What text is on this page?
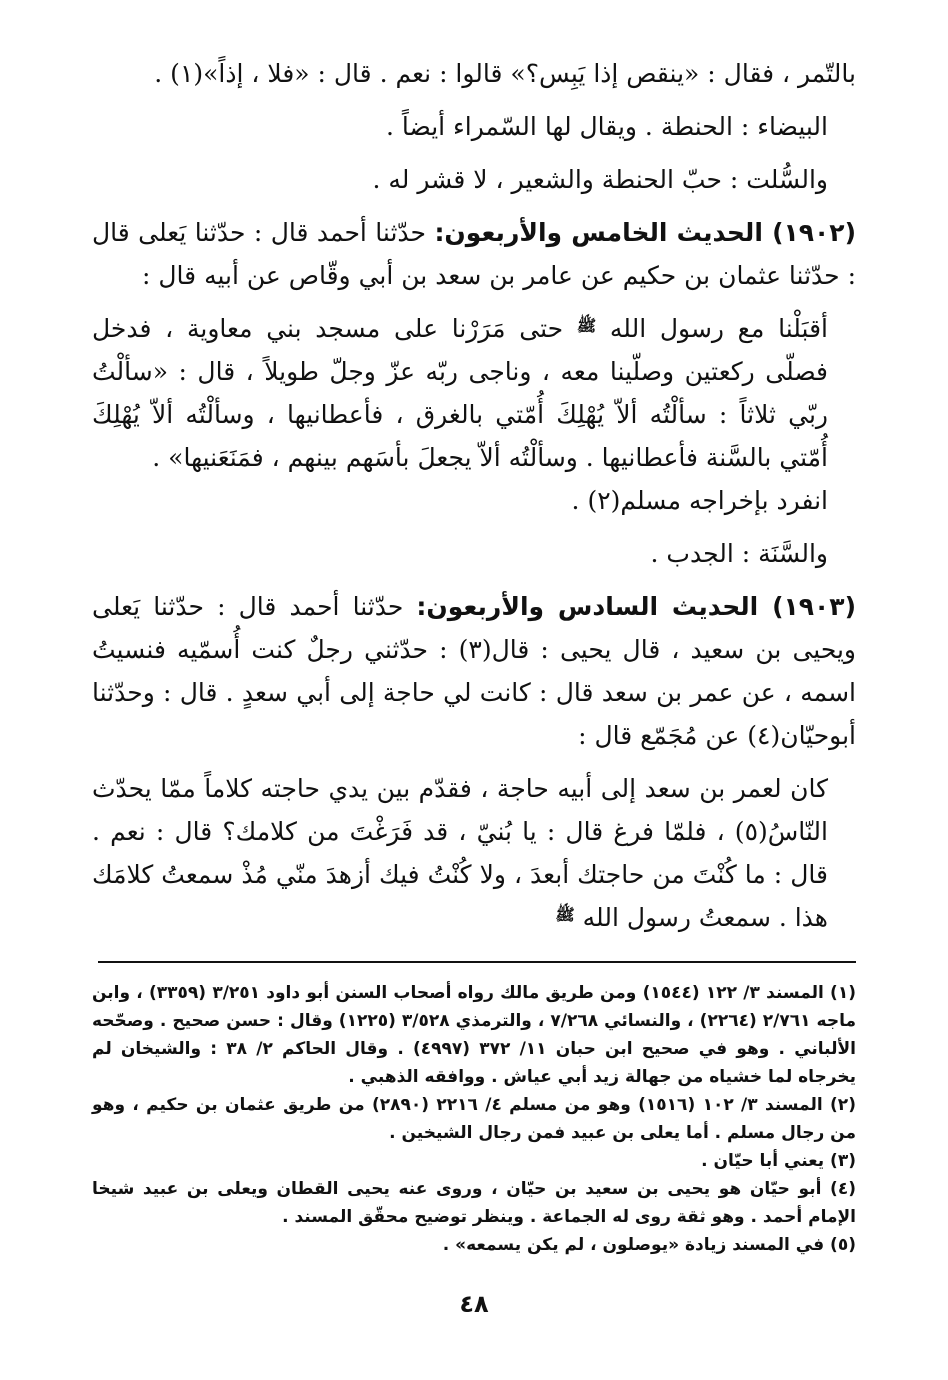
بالتّمر ، فقال : «ينقص إذا يَبِس؟» قالوا : نعم . قال : «فلا ، إذاً»(١) .

البيضاء : الحنطة . ويقال لها السّمراء أيضاً .

والسُّلت : حبّ الحنطة والشعير ، لا قشر له .

(١٩٠٢) الحديث الخامس والأربعون: حدّثنا أحمد قال : حدّثنا يَعلى قال : حدّثنا عثمان بن حكيم عن عامر بن سعد بن أبي وقّاص عن أبيه قال :

أقبَلْنا مع رسول الله ﷺ حتى مَرَرْنا على مسجد بني معاوية ، فدخل فصلّى ركعتين وصلّينا معه ، وناجى ربّه عزّ وجلّ طويلاً ، قال : «سألْتُ ربّي ثلاثاً : سألْتُه ألاّ يُهْلِكَ أُمّتي بالغرق ، فأعطانيها ، وسألْتُه ألاّ يُهْلِكَ أُمّتي بالسَّنة فأعطانيها . وسألْتُه ألاّ يجعلَ بأسَهم بينهم ، فمَنَعَنيها» .

انفرد بإخراجه مسلم(٢) .

والسَّنَة : الجدب .

(١٩٠٣) الحديث السادس والأربعون: حدّثنا أحمد قال : حدّثنا يَعلى ويحيى بن سعيد ، قال يحيى : قال(٣) : حدّثني رجلٌ كنت أُسمّيه فنسيتُ اسمه ، عن عمر بن سعد قال : كانت لي حاجة إلى أبي سعدٍ . قال : وحدّثنا أبوحيّان(٤) عن مُجَمّع قال :

كان لعمر بن سعد إلى أبيه حاجة ، فقدّم بين يدي حاجته كلاماً ممّا يحدّث النّاسُ(٥) ، فلمّا فرغ قال : يا بُنيّ ، قد فَرَغْتَ من كلامك؟ قال : نعم . قال : ما كُنْتَ من حاجتك أبعدَ ، ولا كُنْتُ فيك أزهدَ منّي مُذْ سمعتُ كلامَك هذا . سمعتُ رسول الله ﷺ

(١) المسند ٣/ ١٢٢ (١٥٤٤) ومن طريق مالك رواه أصحاب السنن أبو داود ٣/٢٥١ (٣٣٥٩) ، وابن ماجه ٢/٧٦١ (٢٢٦٤) ، والنسائي ٧/٢٦٨ ، والترمذي ٣/٥٢٨ (١٢٢٥) وقال : حسن صحيح . وصحّحه الألباني . وهو في صحيح ابن حبان ١١/ ٣٧٢ (٤٩٩٧) . وقال الحاكم ٢/ ٣٨ : والشيخان لم يخرجاه لما خشياه من جهالة زيد أبي عياش . ووافقه الذهبي .

(٢) المسند ٣/ ١٠٢ (١٥١٦) وهو من مسلم ٤/ ٢٢١٦ (٢٨٩٠) من طريق عثمان بن حكيم ، وهو من رجال مسلم . أما يعلى بن عبيد فمن رجال الشيخين .

(٣) يعني أبا حيّان .

(٤) أبو حيّان هو يحيى بن سعيد بن حيّان ، وروى عنه يحيى القطان ويعلى بن عبيد شيخا الإمام أحمد . وهو ثقة روى له الجماعة . وينظر توضيح محقّق المسند .

(٥) في المسند زيادة «يوصلون ، لم يكن يسمعه» .

٤٨
